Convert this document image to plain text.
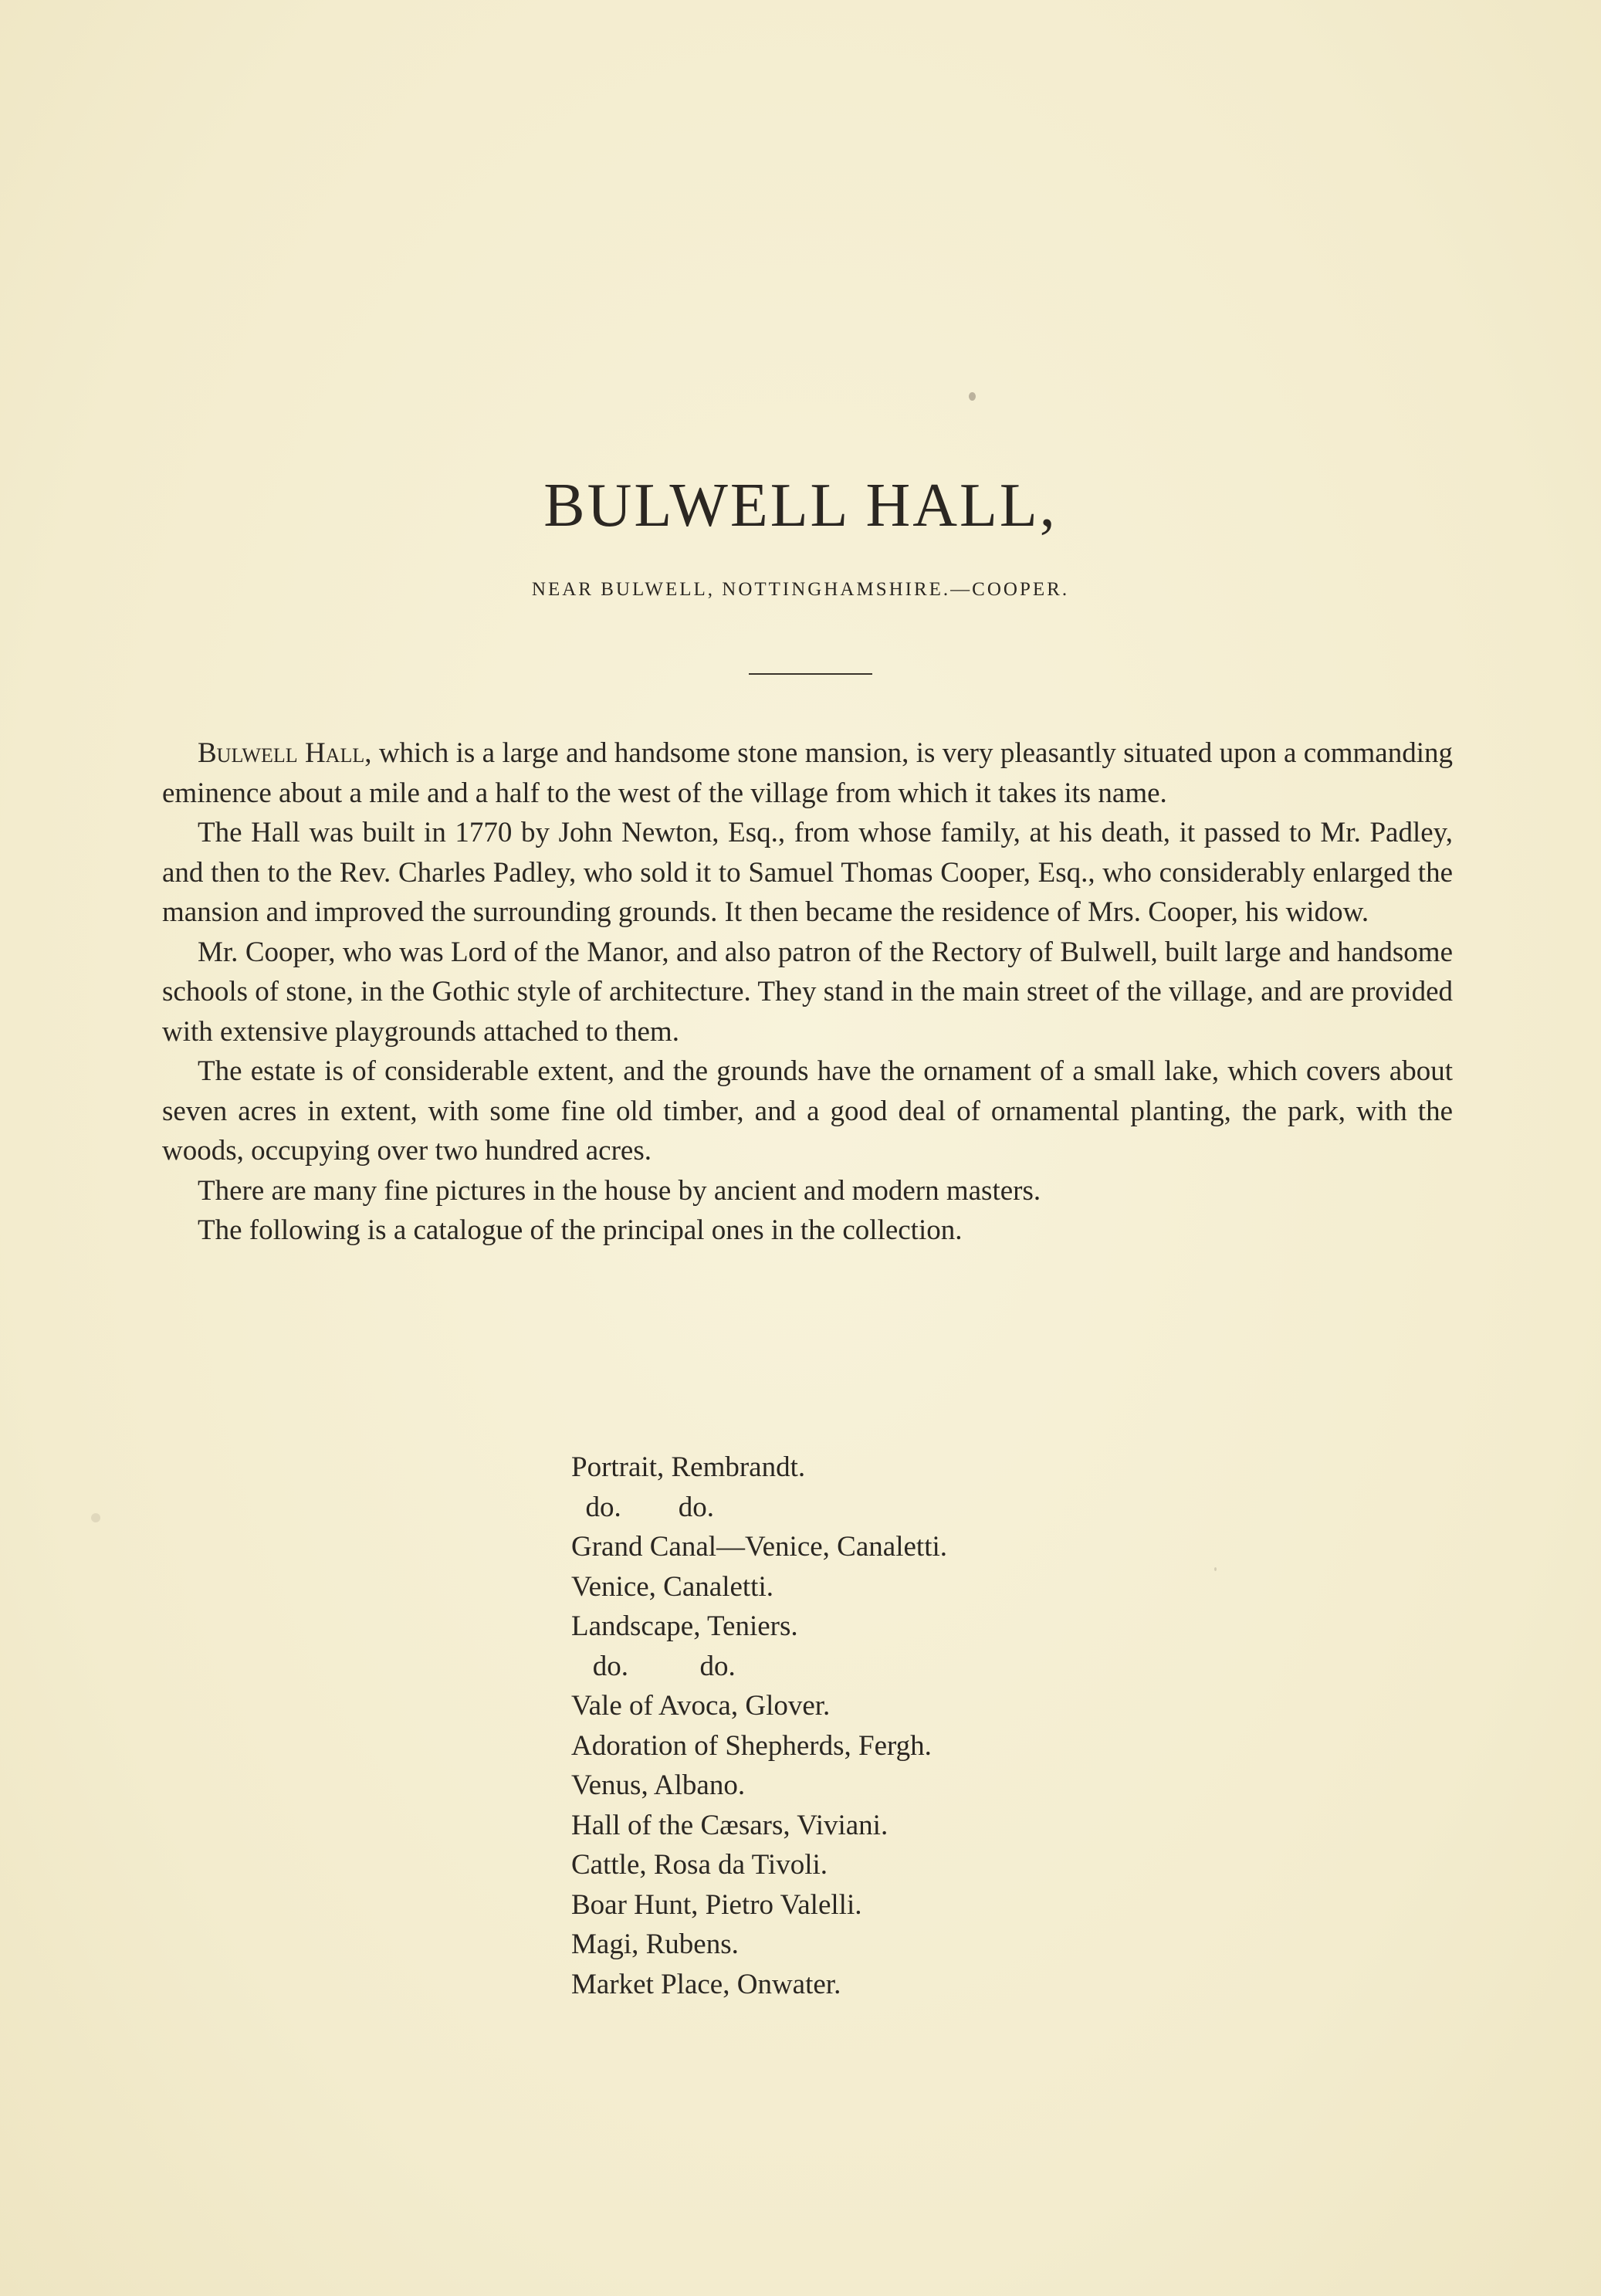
BULWELL HALL,
NEAR BULWELL, NOTTINGHAMSHIRE.—COOPER.

Bulwell Hall, which is a large and handsome stone mansion, is very pleasantly situated upon a commanding eminence about a mile and a half to the west of the village from which it takes its name.

The Hall was built in 1770 by John Newton, Esq., from whose family, at his death, it passed to Mr. Padley, and then to the Rev. Charles Padley, who sold it to Samuel Thomas Cooper, Esq., who considerably enlarged the mansion and improved the surrounding grounds. It then became the residence of Mrs. Cooper, his widow.

Mr. Cooper, who was Lord of the Manor, and also patron of the Rectory of Bulwell, built large and handsome schools of stone, in the Gothic style of architecture. They stand in the main street of the village, and are provided with extensive playgrounds attached to them.

The estate is of considerable extent, and the grounds have the ornament of a small lake, which covers about seven acres in extent, with some fine old timber, and a good deal of ornamental planting, the park, with the woods, occupying over two hundred acres.

There are many fine pictures in the house by ancient and modern masters.

The following is a catalogue of the principal ones in the collection.

Portrait, Rembrandt.

do.        do.

Grand Canal—Venice, Canaletti.

Venice, Canaletti.

Landscape, Teniers.

do.          do.

Vale of Avoca, Glover.

Adoration of Shepherds, Fergh.

Venus, Albano.

Hall of the Cæsars, Viviani.

Cattle, Rosa da Tivoli.

Boar Hunt, Pietro Valelli.

Magi, Rubens.

Market Place, Onwater.
